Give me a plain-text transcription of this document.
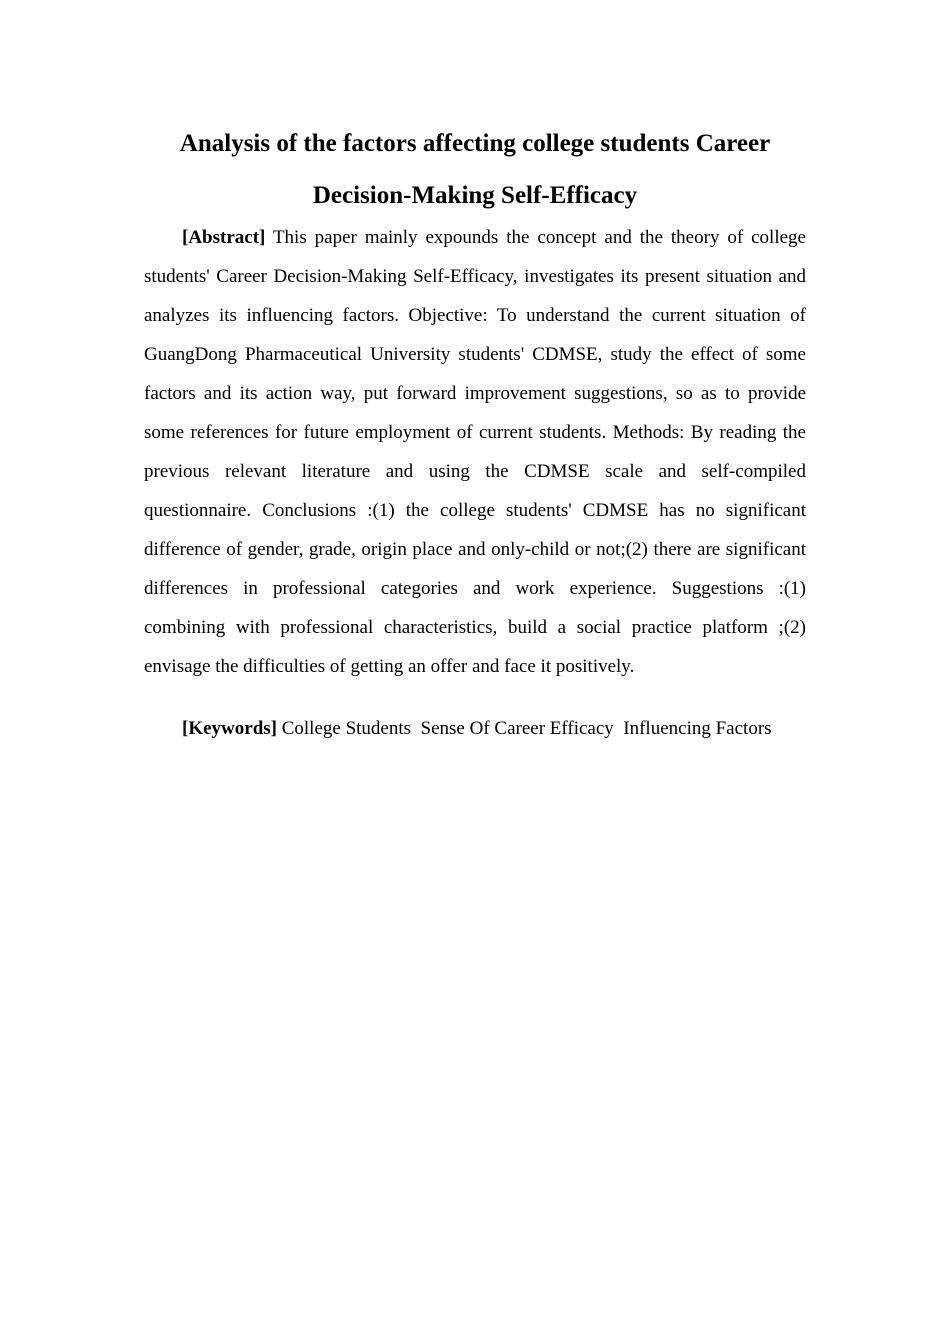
Analysis of the factors affecting college students Career Decision-Making Self-Efficacy

[Abstract] This paper mainly expounds the concept and the theory of college students' Career Decision-Making Self-Efficacy, investigates its present situation and analyzes its influencing factors. Objective: To understand the current situation of GuangDong Pharmaceutical University students' CDMSE, study the effect of some factors and its action way, put forward improvement suggestions, so as to provide some references for future employment of current students. Methods: By reading the previous relevant literature and using the CDMSE scale and self-compiled questionnaire. Conclusions :(1) the college students' CDMSE has no significant difference of gender, grade, origin place and only-child or not;(2) there are significant differences in professional categories and work experience. Suggestions :(1) combining with professional characteristics, build a social practice platform ;(2) envisage the difficulties of getting an offer and face it positively.

[Keywords] College Students  Sense Of Career Efficacy  Influencing Factors
